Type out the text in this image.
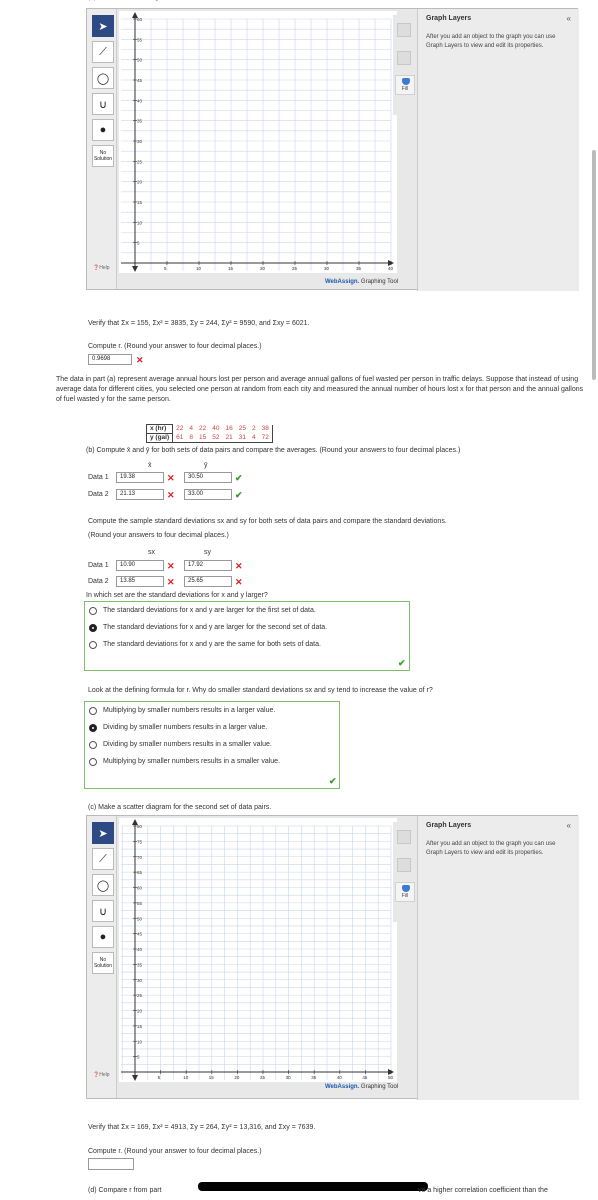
➤
⟋
◯
∪
●
No Solution
❓Help
60
55
50
45
40
35
30
25
20
15
10
5
5	10	15	20	25	30	35	40
Fill
Graph Layers	«
After you add an object to the graph you can use Graph Layers to view and edit its properties.
WebAssign. Graphing Tool
Verify that Σx = 155, Σx² = 3835, Σy = 244, Σy² = 9590, and Σxy = 6021.
Compute r. (Round your answer to four decimal places.)
0.9698	✕
The data in part (a) represent average annual hours lost per person and average annual gallons of fuel wasted per person in traffic delays. Suppose that instead of using average data for different cities, you selected one person at random from each city and measured the annual number of hours lost x for that person and the annual gallons of fuel wasted y for the same person.
x (hr)	22	4	22	40	16	25	2	38
y (gal)	61	8	15	52	21	31	4	72
(b) Compute x̄ and ȳ for both sets of data pairs and compare the averages. (Round your answers to four decimal places.)
x̄	ȳ
Data 1	19.38	✕	30.50	✔
Data 2	21.13	✕	33.00	✔
Compute the sample standard deviations sx and sy for both sets of data pairs and compare the standard deviations.
(Round your answers to four decimal places.)
sx	sy
Data 1	10.90	✕	17.92	✕
Data 2	13.85	✕	25.65	✕
In which set are the standard deviations for x and y larger?
The standard deviations for x and y are larger for the first set of data.
The standard deviations for x and y are larger for the second set of data.
The standard deviations for x and y are the same for both sets of data.
✔
Look at the defining formula for r. Why do smaller standard deviations sx and sy tend to increase the value of r?
Multiplying by smaller numbers results in a larger value.
Dividing by smaller numbers results in a larger value.
Dividing by smaller numbers results in a smaller value.
Multiplying by smaller numbers results in a smaller value.
✔
(c) Make a scatter diagram for the second set of data pairs.
➤
⟋
◯
∪
●
No Solution
❓Help
80
75
70
65
60
55
50
45
40
35
30
25
20
15
10
5
5	10	15	20	25	30	35	40	45	50
Fill
Graph Layers	«
After you add an object to the graph you can use Graph Layers to view and edit its properties.
WebAssign. Graphing Tool
Verify that Σx = 169, Σx² = 4913, Σy = 264, Σy² = 13,316, and Σxy = 7639.
Compute r. (Round your answer to four decimal places.)
(d) Compare r from part	ve a higher correlation coefficient than the
